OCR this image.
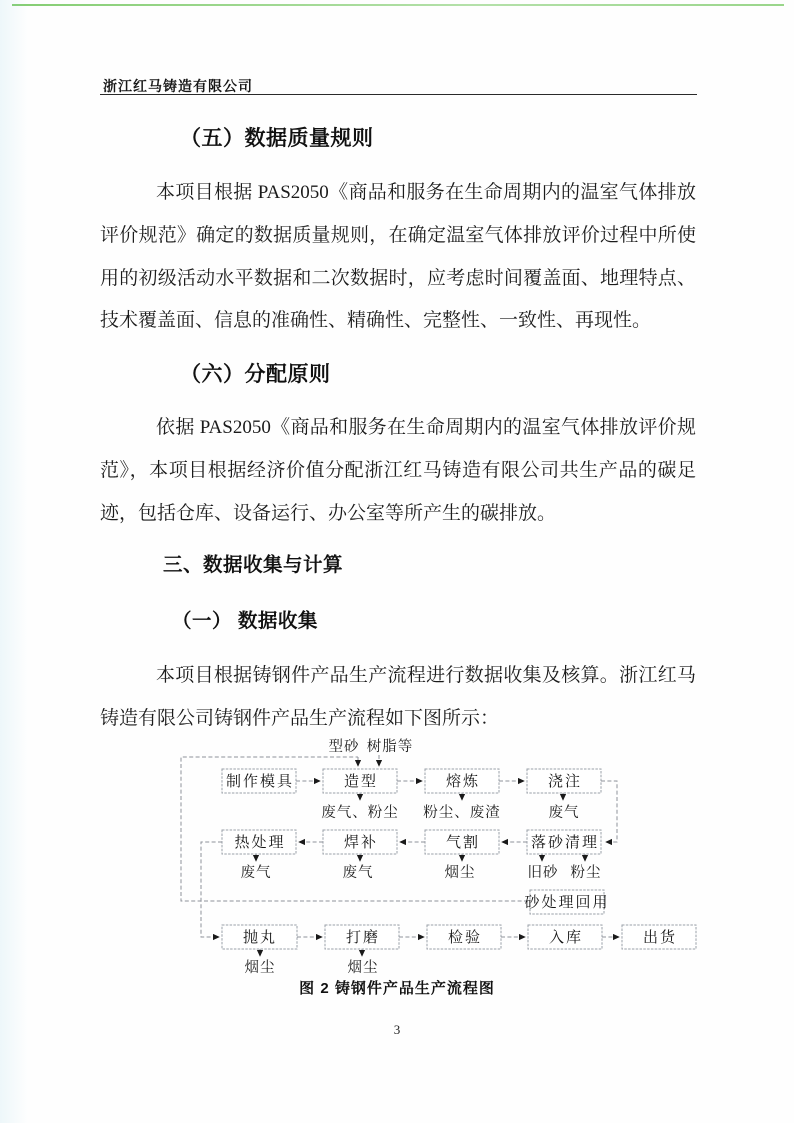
浙江红马铸造有限公司
（五）数据质量规则
本项目根据 PAS2050《商品和服务在生命周期内的温室气体排放评价规范》确定的数据质量规则，在确定温室气体排放评价过程中所使用的初级活动水平数据和二次数据时，应考虑时间覆盖面、地理特点、技术覆盖面、信息的准确性、精确性、完整性、一致性、再现性。
（六）分配原则
依据 PAS2050《商品和服务在生命周期内的温室气体排放评价规范》，本项目根据经济价值分配浙江红马铸造有限公司共生产品的碳足迹，包括仓库、设备运行、办公室等所产生的碳排放。
三、数据收集与计算
（一） 数据收集
本项目根据铸钢件产品生产流程进行数据收集及核算。浙江红马铸造有限公司铸钢件产品生产流程如下图所示：
型砂 树脂等
制作模具	造型	熔炼	浇注
废气、粉尘 粉尘、废渣	废气
热处理	焊补	气割	落砂清理
废气	废气	烟尘	旧砂 粉尘
砂处理回用
抛丸	打磨	检验	入库	出货
烟尘	烟尘
图 2 铸钢件产品生产流程图
3
